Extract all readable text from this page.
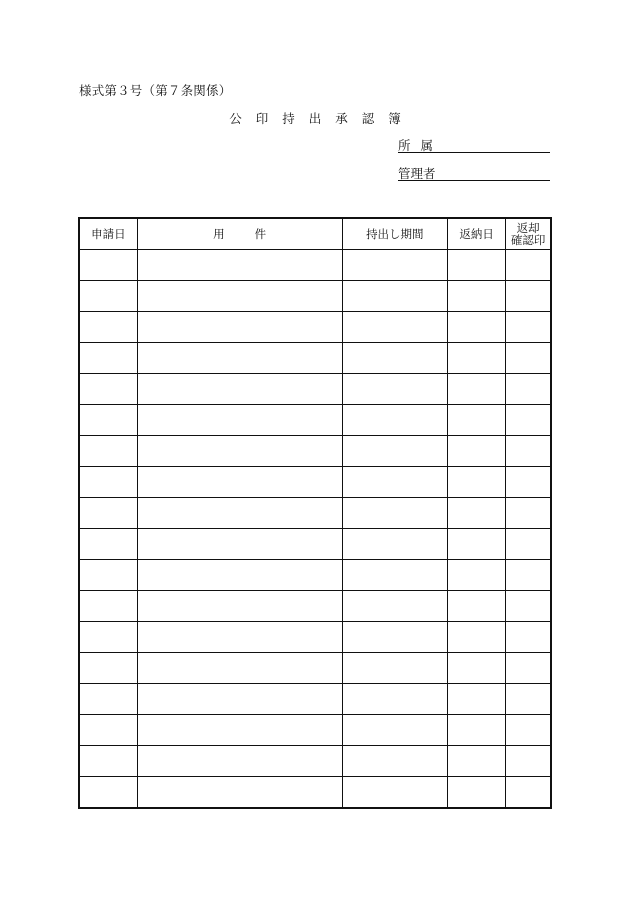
様式第３号（第７条関係）
公印持出承認簿
所属
管理者
申請日	用件	持出し期間	返納日	返却
確認印
